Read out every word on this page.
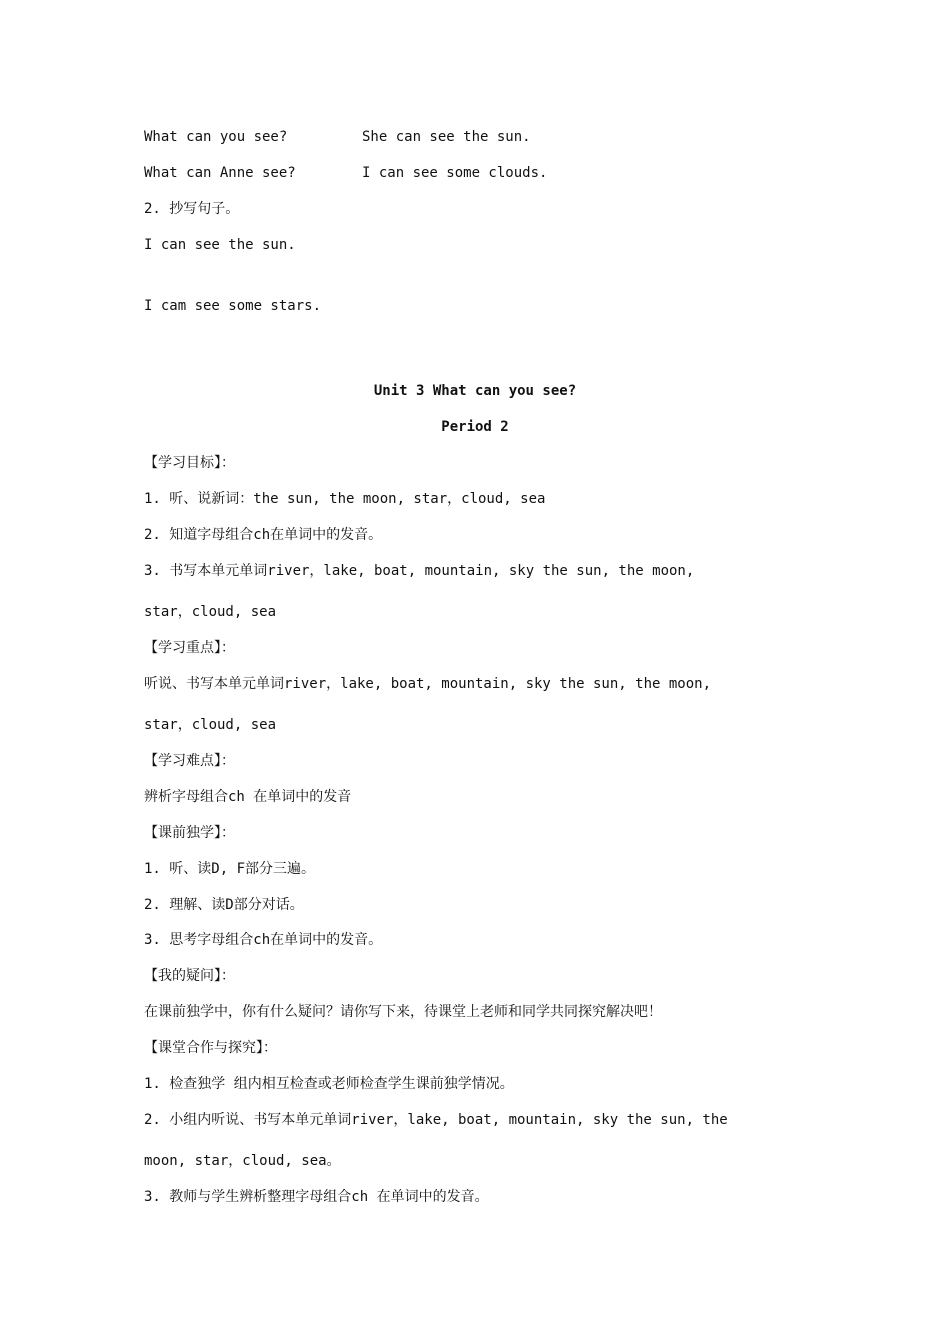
What can you see?	She can see the sun.
What can Anne see?	I can see some clouds.
2. 抄写句子。
I can see the sun.
I cam see some stars.
Unit 3 What can you see?
Period 2
【学习目标】：
1. 听、说新词：the sun, the moon, star，cloud, sea
2. 知道字母组合ch在单词中的发音。
3. 书写本单元单词river，lake, boat, mountain, sky the sun, the moon,
star，cloud, sea
【学习重点】：
听说、书写本单元单词river，lake, boat, mountain, sky the sun, the moon,
star，cloud, sea
【学习难点】：
辨析字母组合ch 在单词中的发音
【课前独学】：
1. 听、读D, F部分三遍。
2. 理解、读D部分对话。
3. 思考字母组合ch在单词中的发音。
【我的疑问】：
在课前独学中，你有什么疑问？请你写下来，待课堂上老师和同学共同探究解决吧！
【课堂合作与探究】：
1. 检查独学 组内相互检查或老师检查学生课前独学情况。
2. 小组内听说、书写本单元单词river，lake, boat, mountain, sky the sun, the
moon, star，cloud, sea。
3. 教师与学生辨析整理字母组合ch 在单词中的发音。
